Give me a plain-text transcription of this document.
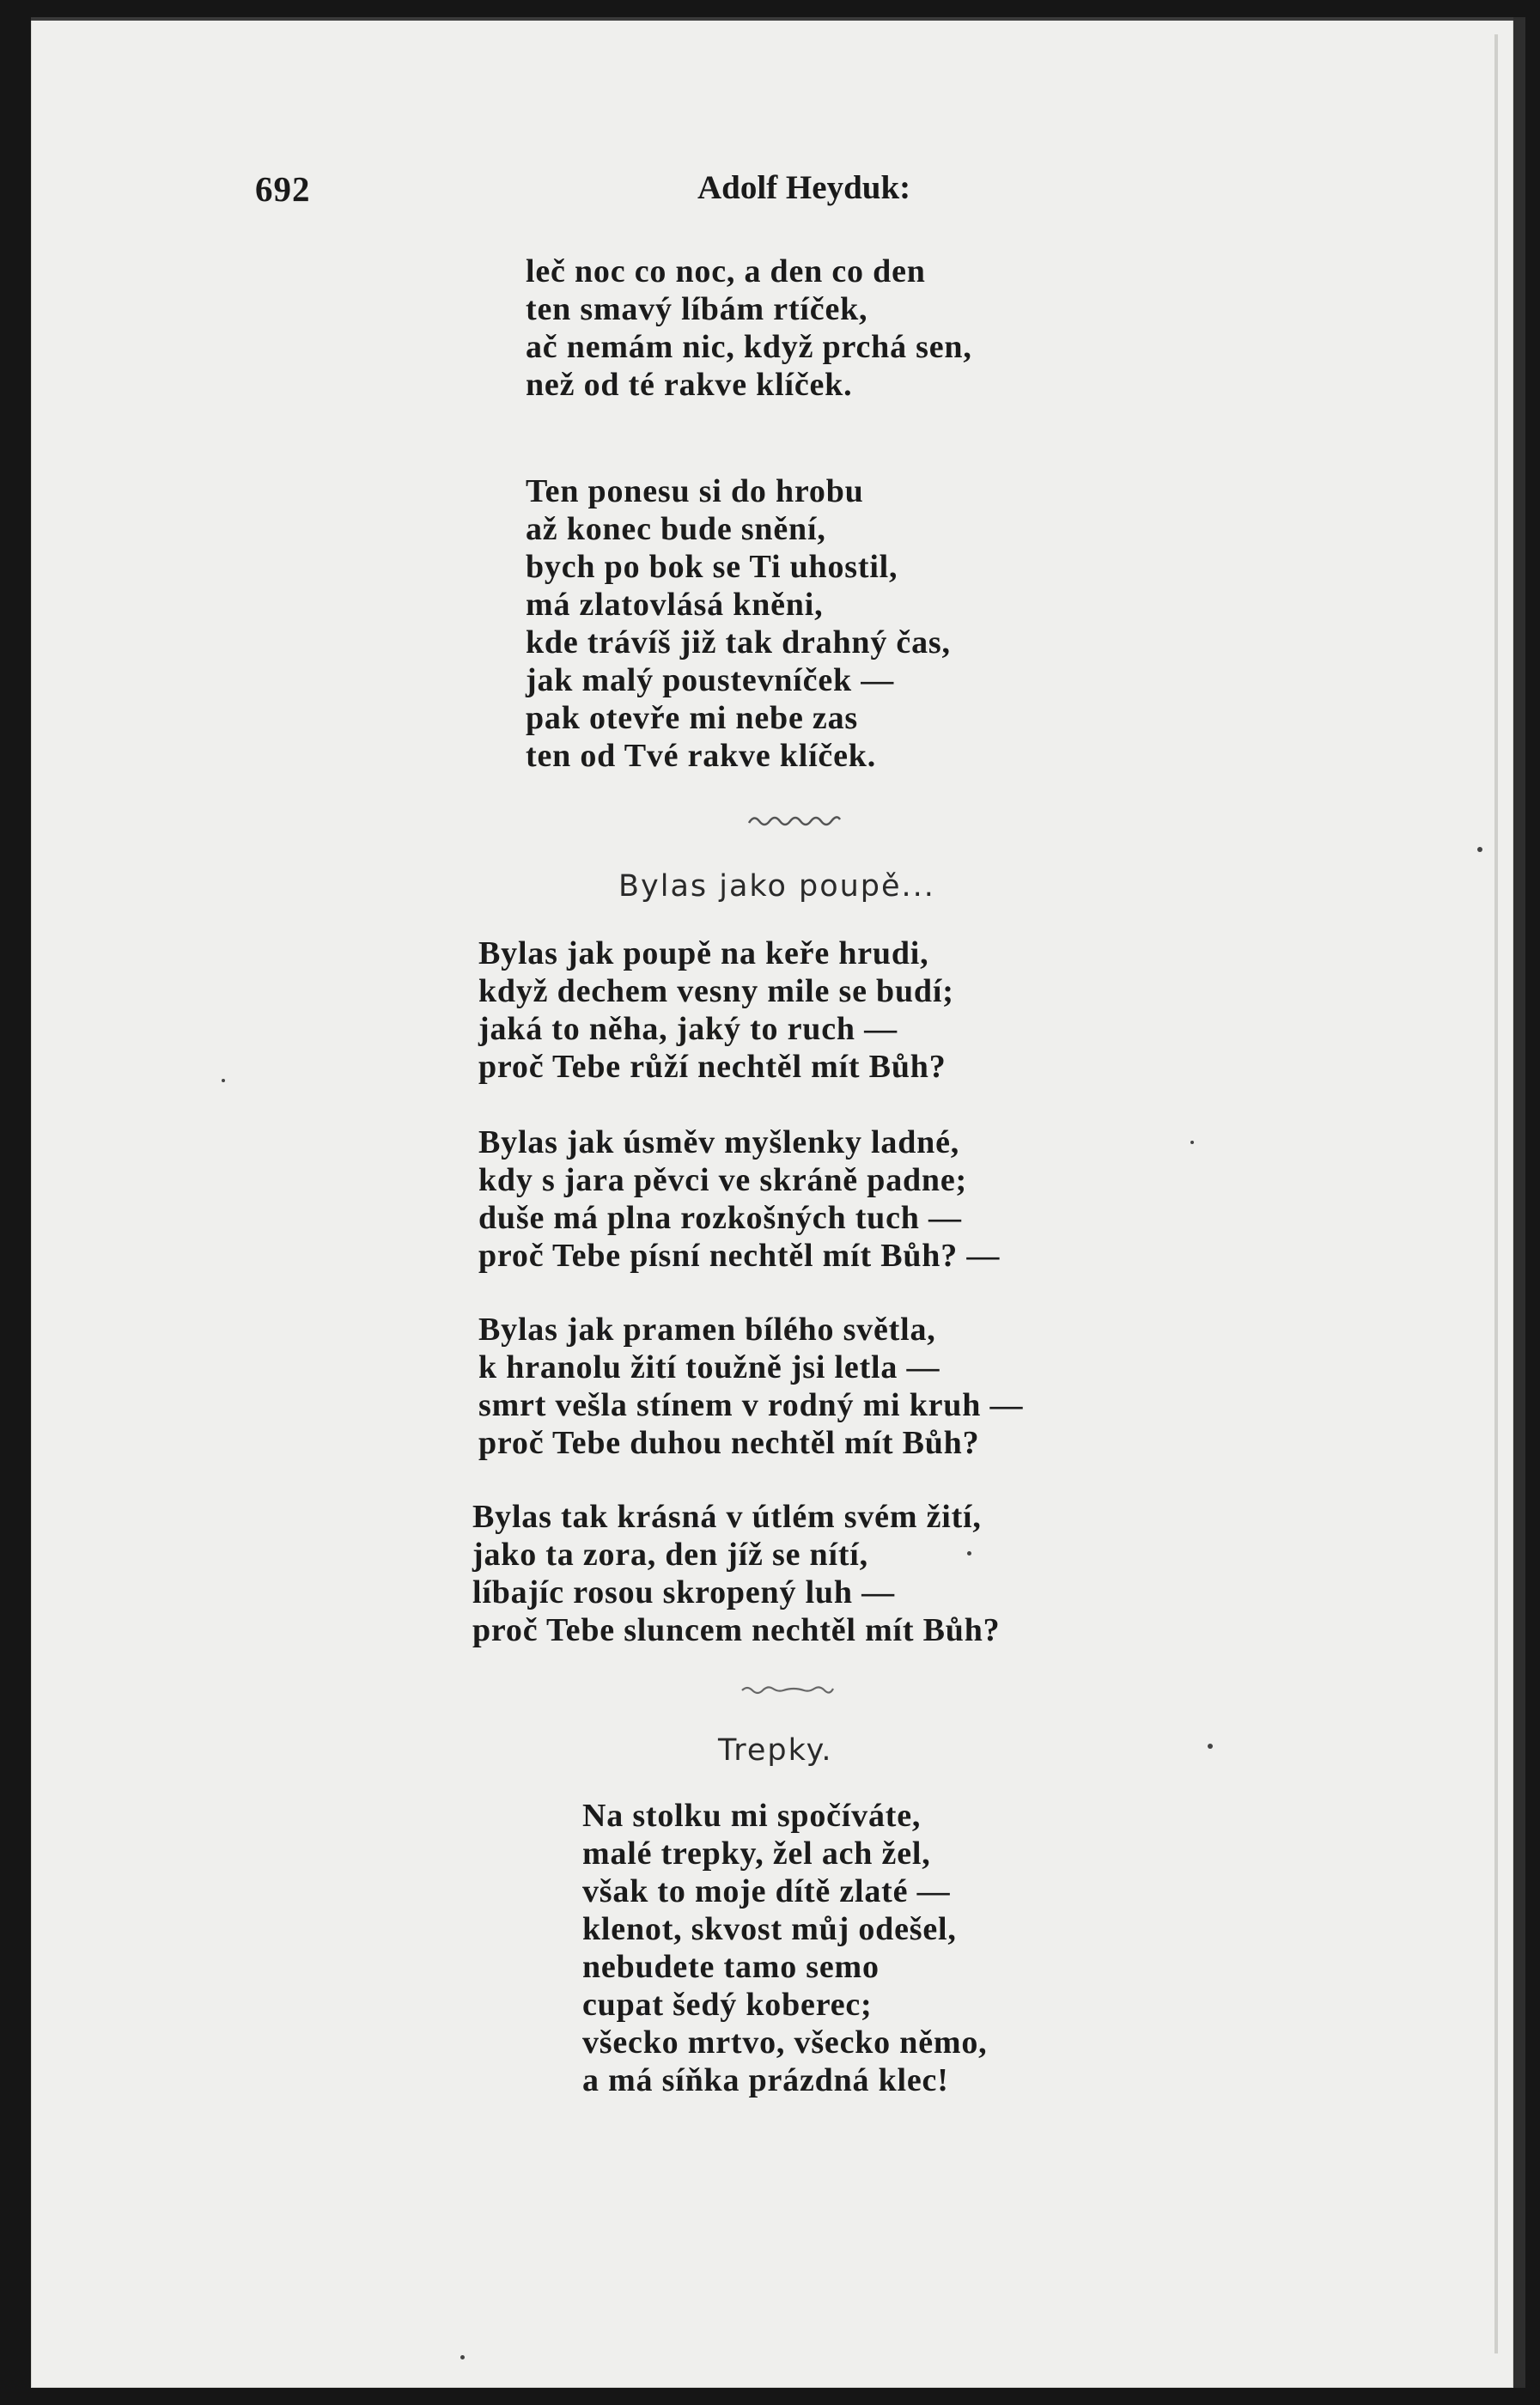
692	Adolf Heyduk:
leč noc co noc, a den co den
ten smavý líbám rtíček,
ač nemám nic, když prchá sen,
než od té rakve klíček.
Ten ponesu si do hrobu
až konec bude snění,
bych po bok se Ti uhostil,
má zlatovlásá kněni,
kde trávíš již tak drahný čas,
jak malý poustevníček —
pak otevře mi nebe zas
ten od Tvé rakve klíček.
Bylas jako poupě...
Bylas jak poupě na keře hrudi,
když dechem vesny mile se budí;
jaká to něha, jaký to ruch —
proč Tebe růží nechtěl mít Bůh?
Bylas jak úsměv myšlenky ladné,
kdy s jara pěvci ve skráně padne;
duše má plna rozkošných tuch —
proč Tebe písní nechtěl mít Bůh? —
Bylas jak pramen bílého světla,
k hranolu žití toužně jsi letla —
smrt vešla stínem v rodný mi kruh —
proč Tebe duhou nechtěl mít Bůh?
Bylas tak krásná v útlém svém žití,
jako ta zora, den jíž se nítí,
líbajíc rosou skropený luh —
proč Tebe sluncem nechtěl mít Bůh?
Trepky.
Na stolku mi spočíváte,
malé trepky, žel ach žel,
však to moje dítě zlaté —
klenot, skvost můj odešel,
nebudete tamo semo
cupat šedý koberec;
všecko mrtvo, všecko němo,
a má síňka prázdná klec!
